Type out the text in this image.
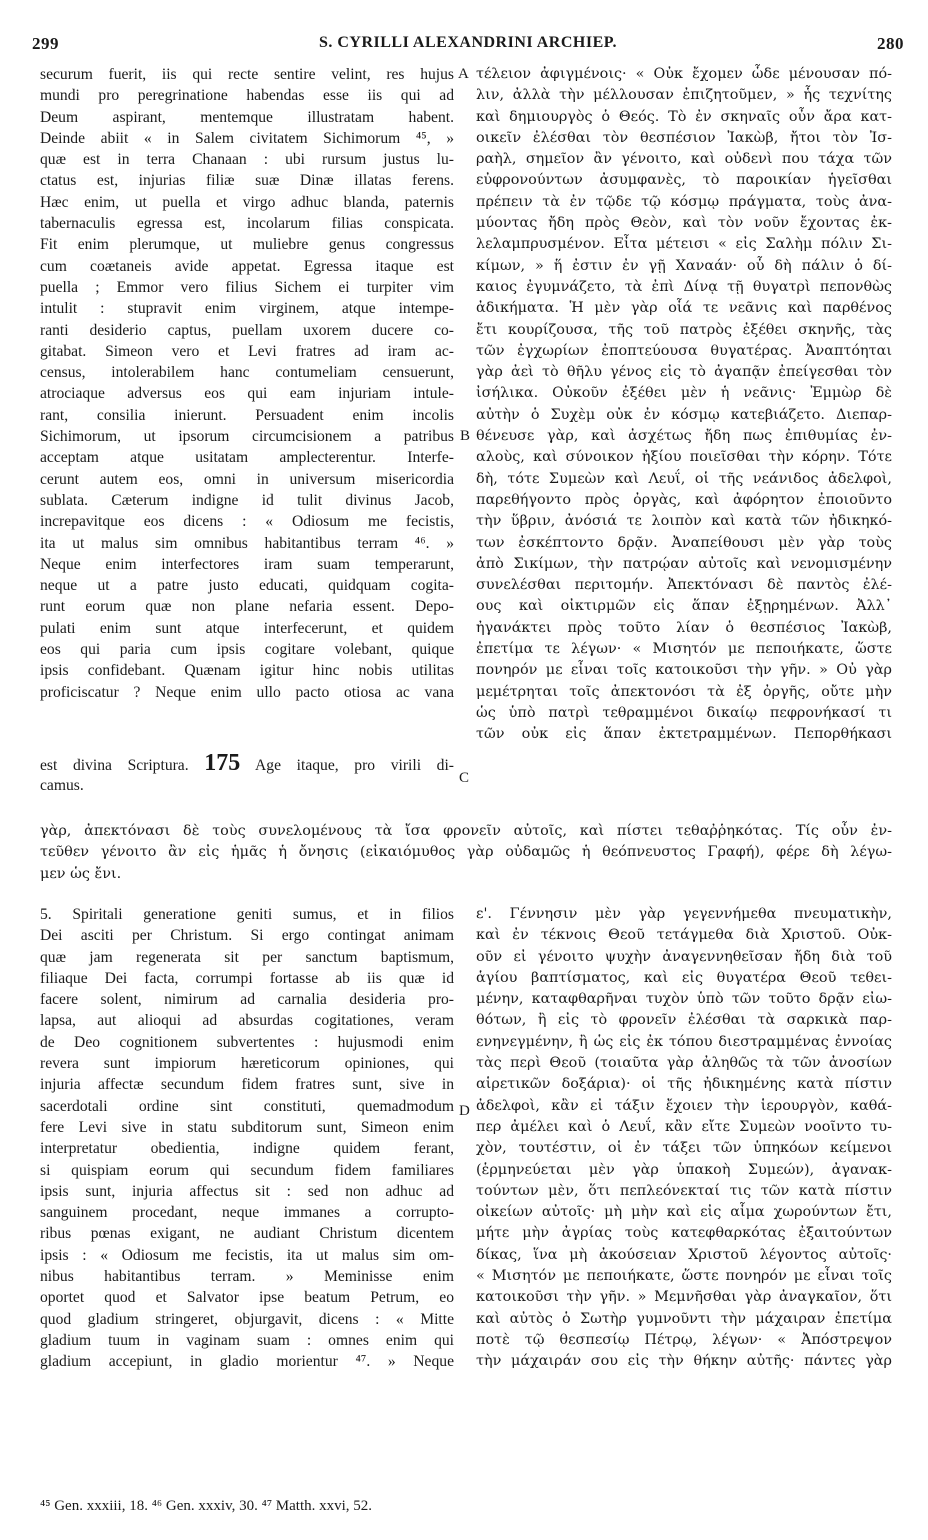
299	S. CYRILLI ALEXANDRINI ARCHIEP.	280
securum fuerit, iis qui recte sentire velint, res hujus
mundi pro peregrinatione habendas esse iis qui ad
Deum aspirant, mentemque illustratam habent.
Deinde abiit « in Salem civitatem Sichimorum ⁴⁵, »
quæ est in terra Chanaan : ubi rursum justus lu-
ctatus est, injurias filiæ suæ Dinæ illatas ferens.
Hæc enim, ut puella et virgo adhuc blanda, paternis
tabernaculis egressa est, incolarum filias conspicata.
Fit enim plerumque, ut muliebre genus congressus
cum coætaneis avide appetat. Egressa itaque est
puella ; Emmor vero filius Sichem ei turpiter vim
intulit : stupravit enim virginem, atque intempe-
ranti desiderio captus, puellam uxorem ducere co-
gitabat. Simeon vero et Levi fratres ad iram ac-
census, intolerabilem hanc contumeliam censuerunt,
atrociaque adversus eos qui eam injuriam intule-
rant, consilia inierunt. Persuadent enim incolis
Sichimorum, ut ipsorum circumcisionem a patribus
acceptam atque usitatam amplecterentur. Interfe-
cerunt autem eos, omni in universum misericordia
sublata. Cæterum indigne id tulit divinus Jacob,
increpavitque eos dicens : « Odiosum me fecistis,
ita ut malus sim omnibus habitantibus terram ⁴⁶. »
Neque enim interfectores iram suam temperarunt,
neque ut a patre justo educati, quidquam cogita-
runt eorum quæ non plane nefaria essent. Depo-
pulati enim sunt atque interfecerunt, et quidem
eos qui paria cum ipsis cogitare volebant, quique
ipsis confidebant. Quænam igitur hinc nobis utilitas
proficiscatur ? Neque enim ullo pacto otiosa ac vana
est divina Scriptura. 175 Age itaque, pro virili di-
camus.
τέλειον ἀφιγμένοις· « Οὐκ ἔχομεν ὧδε μένουσαν πό-
λιν, ἀλλὰ τὴν μέλλουσαν ἐπιζητοῦμεν, » ἧς τεχνίτης
καὶ δημιουργὸς ὁ Θεός. Τὸ ἐν σκηναῖς οὖν ἄρα κατ-
οικεῖν ἐλέσθαι τὸν θεσπέσιον Ἰακὼβ, ἤτοι τὸν Ἰσ-
ραὴλ, σημεῖον ἂν γένοιτο, καὶ οὐδενὶ που τάχα τῶν
εὐφρονούντων ἀσυμφανὲς, τὸ παροικίαν ἡγεῖσθαι
πρέπειν τὰ ἐν τῷδε τῷ κόσμῳ πράγματα, τοὺς ἀνα-
μύοντας ἤδη πρὸς Θεὸν, καὶ τὸν νοῦν ἔχοντας ἐκ-
λελαμπρυσμένον. Εἶτα μέτεισι « εἰς Σαλὴμ πόλιν Σι-
κίμων, » ἥ ἐστιν ἐν γῇ Χαναάν· οὗ δὴ πάλιν ὁ δί-
καιος ἐγυμνάζετο, τὰ ἐπὶ Δίνᾳ τῇ θυγατρὶ πεπονθὼς
ἀδικήματα. Ἡ μὲν γὰρ οἷά τε νεᾶνις καὶ παρθένος
ἔτι κουρίζουσα, τῆς τοῦ πατρὸς ἐξέθει σκηνῆς, τὰς
τῶν ἐγχωρίων ἐποπτεύουσα θυγατέρας. Ἀναπτόηται
γὰρ ἀεὶ τὸ θῆλυ γένος εἰς τὸ ἀγαπᾷν ἐπείγεσθαι τὸν
ἰσήλικα. Οὐκοῦν ἐξέθει μὲν ἡ νεᾶνις· Ἐμμὼρ δὲ
αὐτὴν ὁ Συχὲμ οὐκ ἐν κόσμῳ κατεβιάζετο. Διεπαρ-
θένευσε γὰρ, καὶ ἀσχέτως ἤδη πως ἐπιθυμίας ἐν-
αλοὺς, καὶ σύνοικον ἠξίου ποιεῖσθαι τὴν κόρην. Τότε
δὴ, τότε Συμεὼν καὶ Λευΐ, οἱ τῆς νεάνιδος ἀδελφοὶ,
παρεθήγοντο πρὸς ὀργὰς, καὶ ἀφόρητον ἐποιοῦντο
τὴν ὕβριν, ἀνόσιά τε λοιπὸν καὶ κατὰ τῶν ἠδικηκό-
των ἐσκέπτοντο δρᾷν. Ἀναπείθουσι μὲν γὰρ τοὺς
ἀπὸ Σικίμων, τὴν πατρῴαν αὐτοῖς καὶ νενομισμένην
συνελέσθαι περιτομήν. Ἀπεκτόνασι δὲ παντὸς ἐλέ-
ους καὶ οἰκτιρμῶν εἰς ἅπαν ἐξῃρημένων. Ἀλλ᾽
ἠγανάκτει πρὸς τοῦτο λίαν ὁ θεσπέσιος Ἰακὼβ,
ἐπετίμα τε λέγων· « Μισητόν με πεποιήκατε, ὥστε
πονηρόν με εἶναι τοῖς κατοικοῦσι τὴν γῆν. » Οὐ γὰρ
μεμέτρηται τοῖς ἀπεκτονόσι τὰ ἐξ ὀργῆς, οὔτε μὴν
ὡς ὑπὸ πατρὶ τεθραμμένοι δικαίῳ πεφρονήκασί τι
τῶν οὐκ εἰς ἅπαν ἐκτετραμμένων. Πεπορθήκασι
γὰρ, ἀπεκτόνασι δὲ τοὺς συνελομένους τὰ ἴσα φρονεῖν αὐτοῖς, καὶ πίστει τεθαῤῥηκότας. Τίς οὖν ἐν-
τεῦθεν γένοιτο ἂν εἰς ἡμᾶς ἡ ὄνησις (εἰκαιόμυθος γὰρ οὐδαμῶς ἡ θεόπνευστος Γραφή), φέρε δὴ λέγω-
μεν ὡς ἔνι.
5. Spiritali generatione geniti sumus, et in filios
Dei asciti per Christum. Si ergo contingat animam
quæ jam regenerata sit per sanctum baptismum,
filiaque Dei facta, corrumpi fortasse ab iis quæ id
facere solent, nimirum ad carnalia desideria pro-
lapsa, aut alioqui ad absurdas cogitationes, veram
de Deo cognitionem subvertentes : hujusmodi enim
revera sunt impiorum hæreticorum opiniones, qui
injuria affectæ secundum fidem fratres sunt, sive in
sacerdotali ordine sint constituti, quemadmodum
fere Levi sive in statu subditorum sunt, Simeon enim
interpretatur obedientia, indigne quidem ferant,
si quispiam eorum qui secundum fidem familiares
ipsis sunt, injuria affectus sit : sed non adhuc ad
sanguinem procedant, neque immanes a corrupto-
ribus pœnas exigant, ne audiant Christum dicentem
ipsis : « Odiosum me fecistis, ita ut malus sim om-
nibus habitantibus terram. » Meminisse enim
oportet quod et Salvator ipse beatum Petrum, eo
quod gladium stringeret, objurgavit, dicens : « Mitte
gladium tuum in vaginam suam : omnes enim qui
gladium accepiunt, in gladio morientur ⁴⁷. » Neque
ε'. Γέννησιν μὲν γὰρ γεγεννήμεθα πνευματικὴν,
καὶ ἐν τέκνοις Θεοῦ τετάγμεθα διὰ Χριστοῦ. Οὐκ-
οῦν εἰ γένοιτο ψυχὴν ἀναγεννηθεῖσαν ἤδη διὰ τοῦ
ἁγίου βαπτίσματος, καὶ εἰς θυγατέρα Θεοῦ τεθει-
μένην, καταφθαρῆναι τυχὸν ὑπὸ τῶν τοῦτο δρᾷν εἰω-
θότων, ἢ εἰς τὸ φρονεῖν ἐλέσθαι τὰ σαρκικὰ παρ-
ενηνεγμένην, ἢ ὡς εἰς ἐκ τόπου διεστραμμένας ἐννοίας
τὰς περὶ Θεοῦ (τοιαῦτα γὰρ ἀληθῶς τὰ τῶν ἀνοσίων
αἱρετικῶν δοξάρια)· οἱ τῆς ἠδικημένης κατὰ πίστιν
ἀδελφοὶ, κἂν εἰ τάξιν ἔχοιεν τὴν ἱερουργὸν, καθά-
περ ἀμέλει καὶ ὁ Λευΐ, κἂν εἴτε Συμεὼν νοοῖντο τυ-
χὸν, τουτέστιν, οἱ ἐν τάξει τῶν ὑπηκόων κείμενοι
(ἑρμηνεύεται μὲν γὰρ ὑπακοὴ Συμεών), ἀγανακ-
τούντων μὲν, ὅτι πεπλεόνεκταί τις τῶν κατὰ πίστιν
οἰκείων αὐτοῖς· μὴ μὴν καὶ εἰς αἷμα χωρούντων ἔτι,
μήτε μὴν ἀγρίας τοὺς κατεφθαρκότας ἐξαιτούντων
δίκας, ἵνα μὴ ἀκούσειαν Χριστοῦ λέγοντος αὐτοῖς·
« Μισητόν με πεποιήκατε, ὥστε πονηρόν με εἶναι τοῖς
κατοικοῦσι τὴν γῆν. » Μεμνῆσθαι γὰρ ἀναγκαῖον, ὅτι
καὶ αὐτὸς ὁ Σωτὴρ γυμνοῦντι τὴν μάχαιραν ἐπετίμα
ποτὲ τῷ θεσπεσίῳ Πέτρῳ, λέγων· « Ἀπόστρεψον
τὴν μάχαιράν σου εἰς τὴν θήκην αὐτῆς· πάντες γὰρ
A
B
C
D
⁴⁵ Gen. xxxiii, 18. ⁴⁶ Gen. xxxiv, 30. ⁴⁷ Matth. xxvi, 52.
